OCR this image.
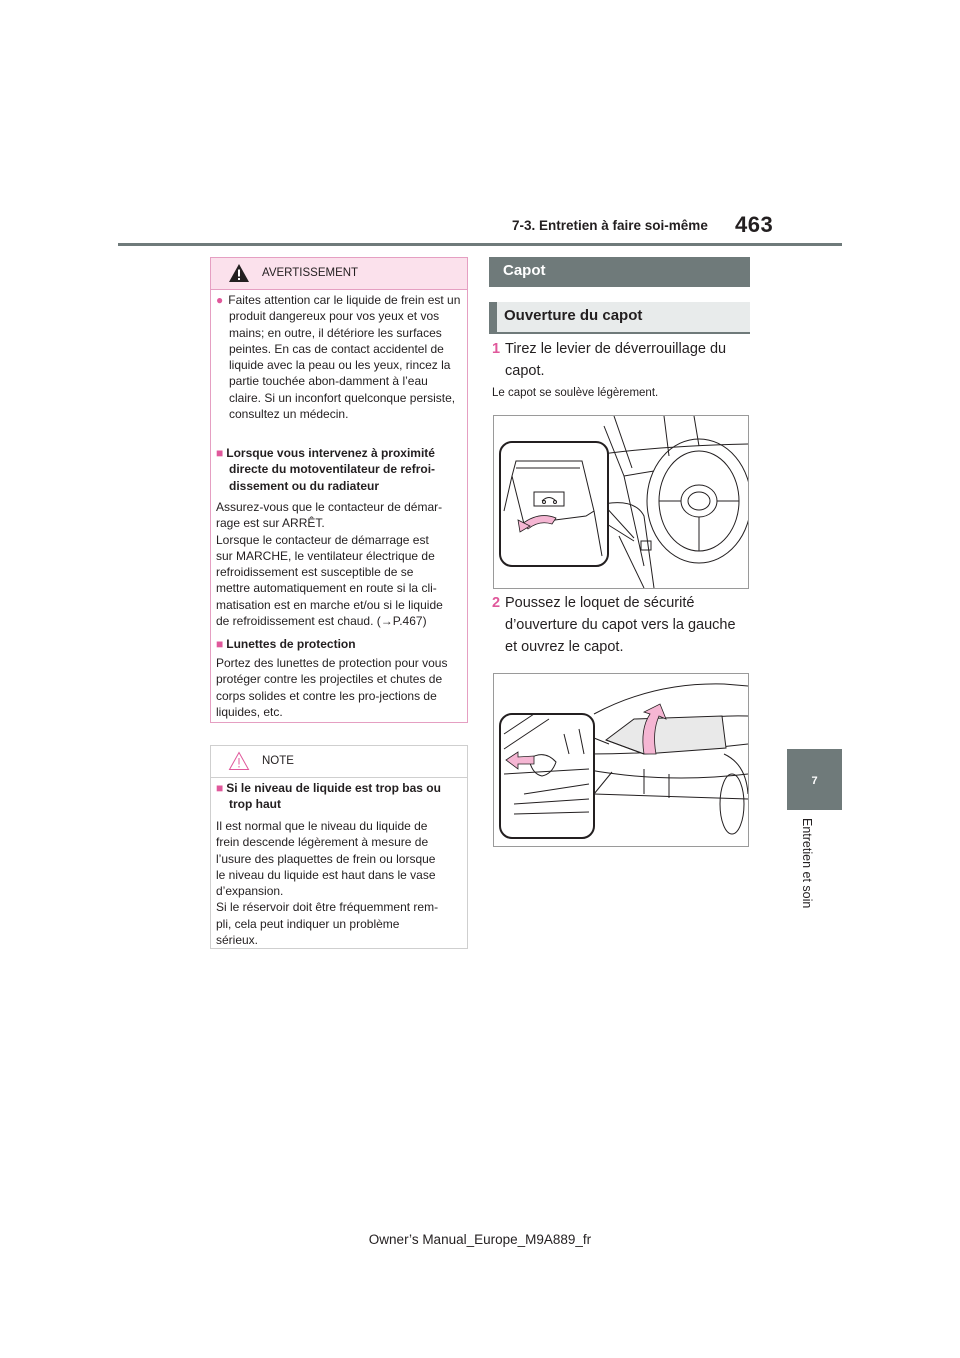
7-3. Entretien à faire soi-même 463
7
Entretien et soin
AVERTISSEMENT
● Faites attention car le liquide de frein est un produit dangereux pour vos yeux et vos mains; en outre, il détériore les surfaces peintes. En cas de contact accidentel de liquide avec la peau ou les yeux, rincez la partie touchée abon-damment à l’eau claire. Si un inconfort quelconque persiste, consultez un médecin.
■ Lorsque vous intervenez à proximité directe du motoventilateur de refroi-dissement ou du radiateur
Assurez-vous que le contacteur de démar-
rage est sur ARRÊT.
Lorsque le contacteur de démarrage est
sur MARCHE, le ventilateur électrique de
refroidissement est susceptible de se
mettre automatiquement en route si la cli-
matisation est en marche et/ou si le liquide
de refroidissement est chaud. (→P.467)
■ Lunettes de protection
Portez des lunettes de protection pour vous protéger contre les projectiles et chutes de corps solides et contre les pro-jections de liquides, etc.
NOTE
■ Si le niveau de liquide est trop bas ou trop haut
Il est normal que le niveau du liquide de
frein descende légèrement à mesure de
l’usure des plaquettes de frein ou lorsque
le niveau du liquide est haut dans le vase
d’expansion.
Si le réservoir doit être fréquemment rem-
pli, cela peut indiquer un problème
sérieux.
Capot
Ouverture du capot
1 Tirez le levier de déverrouillage du capot.
Le capot se soulève légèrement.
2 Poussez le loquet de sécurité d’ouverture du capot vers la gauche et ouvrez le capot.
Owner’s Manual_Europe_M9A889_fr
